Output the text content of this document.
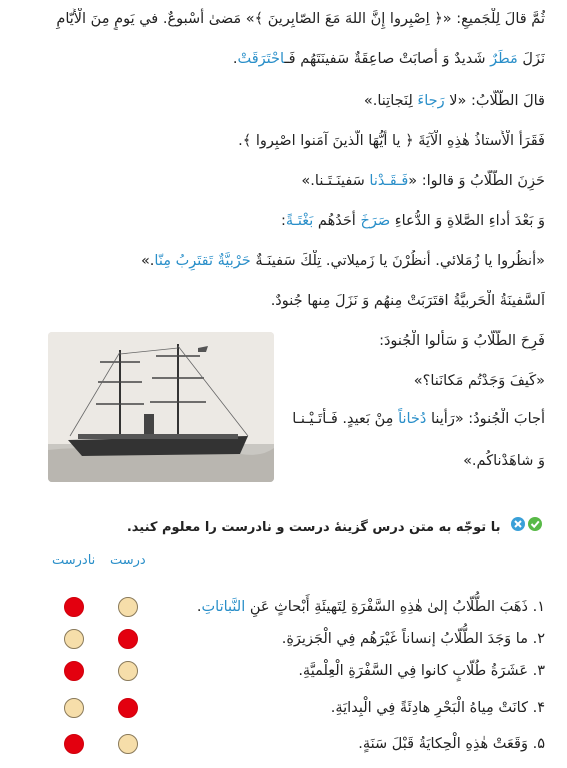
ثُمَّ قالَ لِلْجَميعِ: «﴿ اِصْبِروا إِنَّ اللهَ مَعَ الصّابِرينَ ﴾» مَضىٰ أُسْبوعٌ. في يَومٍ مِنَ الْأَيّامِ
نَزَلَ مَطَرٌ شَديدٌ وَ أَصابَتْ صاعِقَةٌ سَفينَتَهُم فَـاحْتَرَقَتْ.
قالَ الطُّلّابُ: «لا رَجاءَ لِنَجاتِنا.»
فَقَرَأَ الْأُستاذُ هٰذِهِ الْآيَةَ ﴿ يا أَيُّهَا الَّذينَ آمَنوا اصْبِروا ﴾.
حَزِنَ الطُّلّابُ وَ قالوا: «فَـقَـدْنا سَفينَـتَـنا.»
وَ بَعْدَ أَداءِ الصَّلاةِ وَ الدُّعاءِ صَرَخَ أَحَدُهُم بَغْتَـةً:
«أُنظُروا يا زُمَلائي. أُنظُرْنَ يا زَميلاتي. تِلْكَ سَفينَـةٌ حَرْبيَّةٌ تَقتَرِبُ مِنّا.»
اَلسَّفينَةُ الْحَربيَّةُ اقتَرَبَتْ مِنهُم وَ نَزَلَ مِنها جُنودٌ.
فَرِحَ الطُّلّابُ وَ سَأَلوا الْجُنودَ:
«كَيفَ وَجَدْتُم مَكانَنا؟»
أَجابَ الْجُنودُ: «رَأَينا دُخاناً مِنْ بَعيدٍ. فَـأَتَـيْـنـا
وَ شاهَدْناكُم.»
با توجّه به متن درس گزینهٔ درست و نادرست را معلوم کنید.
درست
نادرست
۱. ذَهَبَ الطُّلّابُ إلىٰ هٰذِهِ السَّفْرَةِ لِتَهيئَةِ أَبْحاثٍ عَنِ النَّباتاتِ.
۲. ما وَجَدَ الطُّلّابُ إنساناً غَيْرَهُم فِي الْجَزيرَةِ.
۳. عَشَرَةُ طُلّابٍ كانوا فِي السَّفْرَةِ الْعِلْميَّةِ.
۴. كانَتْ مِياهُ الْبَحْرِ هادِئَةً فِي الْبِدايَةِ.
۵. وَقَعَتْ هٰذِهِ الْحِكايَةُ قَبْلَ سَنَةٍ.
